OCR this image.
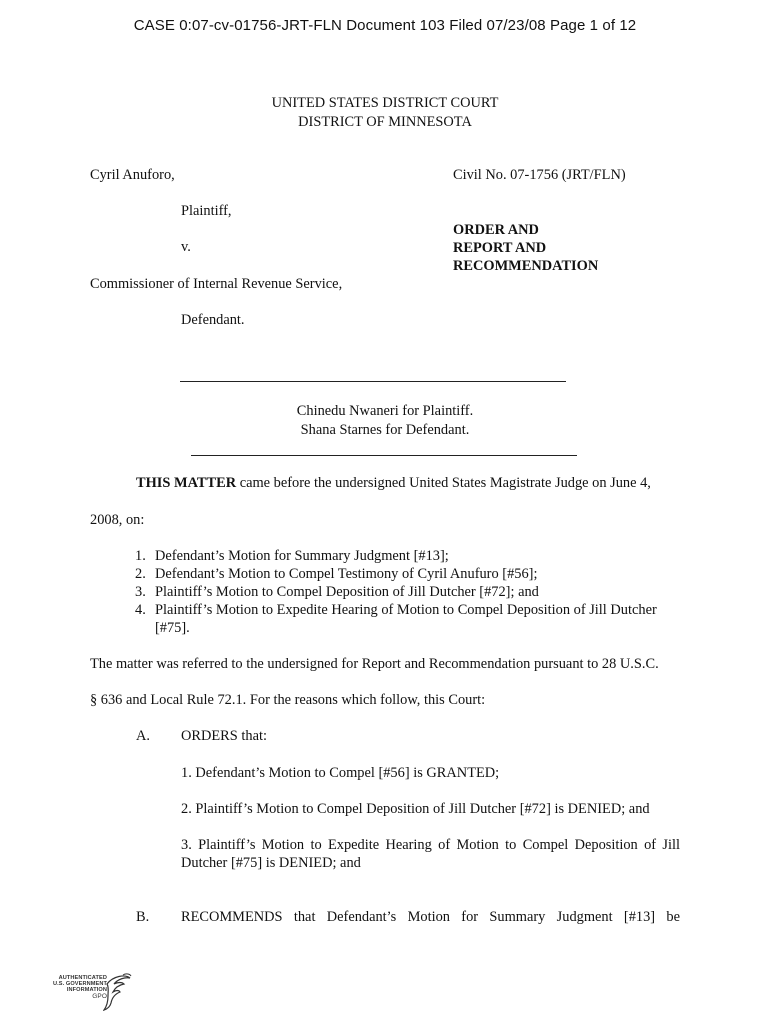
CASE 0:07-cv-01756-JRT-FLN Document 103 Filed 07/23/08 Page 1 of 12
UNITED STATES DISTRICT COURT
DISTRICT OF MINNESOTA
Cyril Anuforo,
Plaintiff,
v.
Commissioner of Internal Revenue Service,
Defendant.
Civil No. 07-1756 (JRT/FLN)
ORDER AND
REPORT AND
RECOMMENDATION
Chinedu Nwaneri for Plaintiff.
Shana Starnes for Defendant.
THIS MATTER came before the undersigned United States Magistrate Judge on June 4,
2008, on:
1. Defendant’s Motion for Summary Judgment [#13];
2. Defendant’s Motion to Compel Testimony of Cyril Anufuro [#56];
3. Plaintiff’s Motion to Compel Deposition of Jill Dutcher [#72]; and
4. Plaintiff’s Motion to Expedite Hearing of Motion to Compel Deposition of Jill Dutcher [#75].
The matter was referred to the undersigned for Report and Recommendation pursuant to 28 U.S.C.
§ 636 and Local Rule 72.1. For the reasons which follow, this Court:
A. ORDERS that:
1. Defendant’s Motion to Compel [#56] is GRANTED;
2. Plaintiff’s Motion to Compel Deposition of Jill Dutcher [#72] is DENIED; and
3. Plaintiff’s Motion to Expedite Hearing of Motion to Compel Deposition of Jill Dutcher [#75] is DENIED; and
B. RECOMMENDS that Defendant’s Motion for Summary Judgment [#13] be
AUTHENTICATED
U.S. GOVERNMENT
INFORMATION
GPO
